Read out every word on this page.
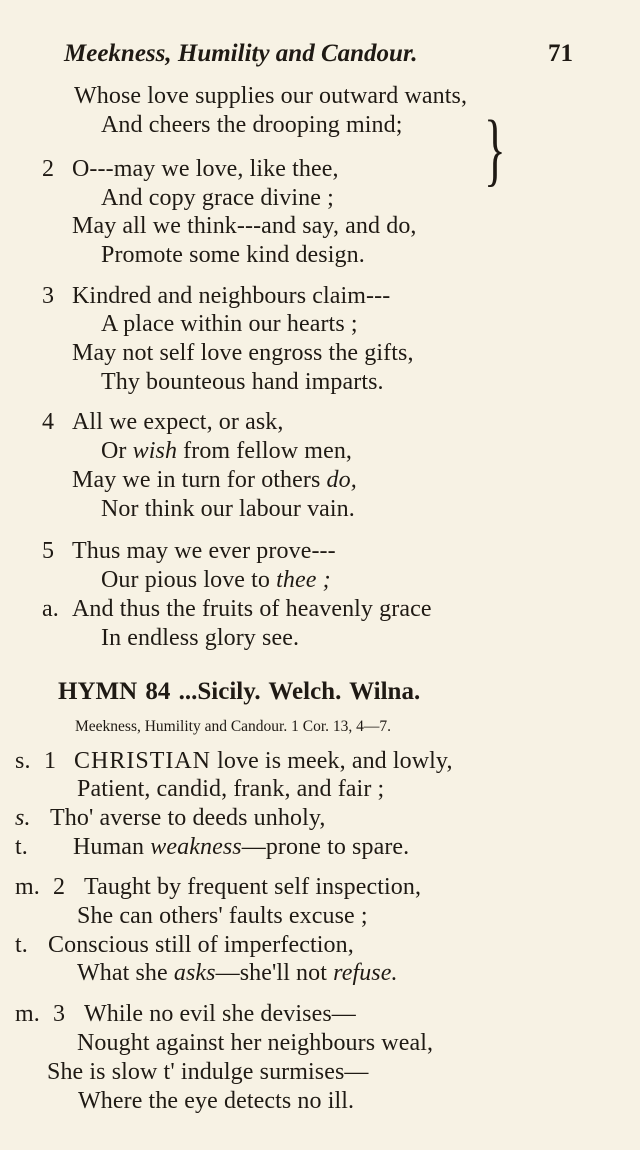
Meekness, Humility and Candour.	71
Whose love supplies our outward wants,
And cheers the drooping mind; }
2 O---may we love, like thee,
And copy grace divine ;
May all we think---and say, and do,
Promote some kind design.
3 Kindred and neighbours claim---
A place within our hearts ;
May not self love engross the gifts,
Thy bounteous hand imparts.
4 All we expect, or ask,
Or wish from fellow men,
May we in turn for others do,
Nor think our labour vain.
5 Thus may we ever prove---
Our pious love to thee ;
a. And thus the fruits of heavenly grace
In endless glory see.
HYMN 84 ...Sicily. Welch. Wilna.
Meekness, Humility and Candour. 1 Cor. 13, 4—7.
s. 1 CHRISTIAN love is meek, and lowly,
Patient, candid, frank, and fair ;
s. Tho' averse to deeds unholy,
t. Human weakness—prone to spare.
m. 2 Taught by frequent self inspection,
She can others' faults excuse ;
t. Conscious still of imperfection,
What she asks—she'll not refuse.
m. 3 While no evil she devises—
Nought against her neighbours weal,
She is slow t' indulge surmises—
Where the eye detects no ill.
